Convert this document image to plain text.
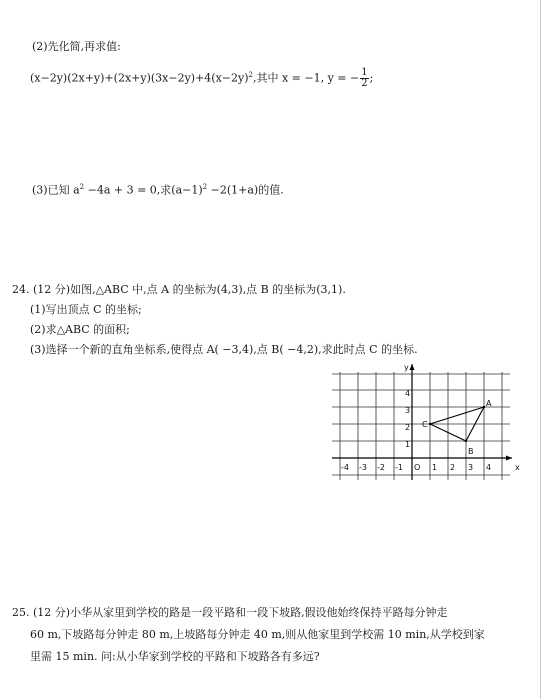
(2)先化简,再求值:
$(x-2y)(2x+y)+(2x+y)(3x-2y)+4(x-2y)^2$,其中 x = −1, y = − $\frac{1}{2}$ ;
(3)已知 $a^2 -4a + 3 = 0$,求$(a-1)^2 -2(1+a)$的值.
24. (12 分)如图,△ABC 中,点 A 的坐标为(4,3),点 B 的坐标为(3,1).
(1)写出顶点 C 的坐标;
(2)求△ABC 的面积;
(3)选择一个新的直角坐标系,使得点 A( −3,4),点 B( −4,2),求此时点 C 的坐标.
x
y
O
-4 -3 -2 -1	1 2 3 4
1
2
3
4
A
B
C
25. (12 分)小华从家里到学校的路是一段平路和一段下坡路,假设他始终保持平路每分钟走
60 m,下坡路每分钟走 80 m,上坡路每分钟走 40 m,则从他家里到学校需 10 min,从学校到家
里需 15 min. 问:从小华家到学校的平路和下坡路各有多远?
